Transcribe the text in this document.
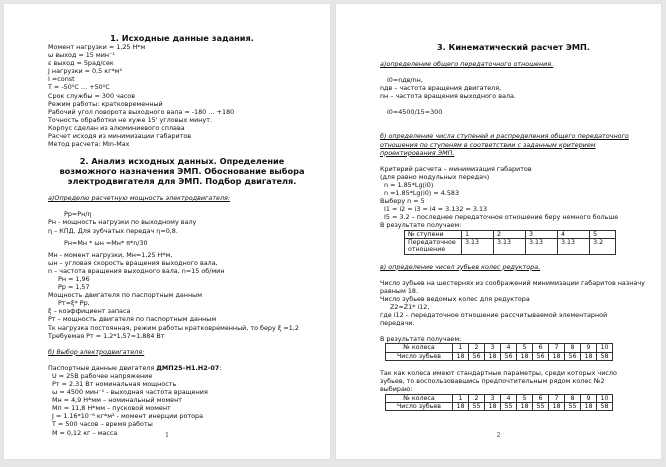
1. Исходные данные задания.
Момент нагрузки = 1,25 Н*м
ω выход = 15 мин⁻¹
ε выход = 5рад/сек
J нагрузки = 0,5 кг*м²
I =const
T = -50⁰С … +50⁰С
Срок службы = 300 часов
Режим работы: кратковременный
Рабочий угол поворота выходного вала = -180 … +180
Точность обработки не хуже 15' угловых минут.
Корпус сделан из алюминиевого сплава
Расчет исходя из минимизации габаритов
Метод расчета: Min-Max
2. Анализ исходных данных. Определение возможного назначения ЭМП. Обоснование выбора электродвигателя для ЭМП. Подбор двигателя.
а)Определю расчетную мощность электродвигателя:
Pр=Pн/η
Pн - мощность нагрузки по выходному валу
η – КПД. Для зубчатых передач η=0,8.
Pн=Mн * ωн =Mн* π*n/30
Mн - момент нагрузки, Mн=1,25 Н*м,
ωн – угловая скорость вращения выходного вала,
n – частота вращения выходного вала, n=15 об/мин
Pн = 1,96
Pр = 1,57
Мощность двигателя по паспортным данным
Pт=ξ* Pр,
ξ – коэффициент запаса
Pт – мощность двигателя по паспортным данным
Тк нагрузка постоянная, режим работы кратковременный, то беру ξ =1,2
Требуемая Pт = 1,2*1,57=1,884 Вт
б) Выбор электродвигателя:
Паспортные данные двигателя ДМП25–Н1.Н2-07:
U = 25В рабочее напряжение
Pт = 2.31 Вт номинальная мощность
ω = 4500 мин⁻¹ - выходная частота вращения
Mн = 4,9 Н*мм – номинальный момент
Mп = 11,8 Н*мм – пусковой момент
J = 1.16*10⁻⁶ кг*м² - момент инерции ротора
T = 500 часов – время работы
M = 0,12 кг – масса	1
3. Кинематический расчет ЭМП.
а)определение общего передаточного отношения.
i0=nдв/nн,
nдв – частота вращения двигателя,
nн – частота вращения выходного вала.
i0=4500/15=300
б) определение числа ступеней и распределения общего передаточного отношения по ступеням в соответствии с заданным критерием проектирования ЭМП.
Критерий расчета – минимизация габаритов
(для равно модульных передач)
n = 1.85*Lg(i0)
n =1.85*Lg(i0) = 4.583
Выберу n = 5
I1 = i2 = i3 = i4 = 3.132 = 3.13
I5 = 3.2 – последнее передаточное отношение беру немного больше
В результате получаем:
№ ступени	1	2	3	4	5
Передаточное отношение	3.13	3.13	3.13	3.13	3.2
в) определение чисел зубьев колес редуктора.
Число зубьев на шестернях из соображений минимизации габаритов назначу равным 18.
Число зубьев ведомых колес для редуктора
Z2=Z1* i12,
где i12 – передаточное отношение рассчитываемой элементарной передачи.
В результате получаем:
№ колеса	1	2	3	4	5	6	7	8	9	10
Число зубьев	18	56	18	56	18	56	18	56	18	58
Так как колеса имеют стандартные параметры, среди которых число зубьев, то воспользовавшись предпочтительным рядом колес №2 выбираю:
№ колеса	1	2	3	4	5	6	7	8	9	10
Число зубьев	18	55	18	55	18	55	18	55	18	58
2
